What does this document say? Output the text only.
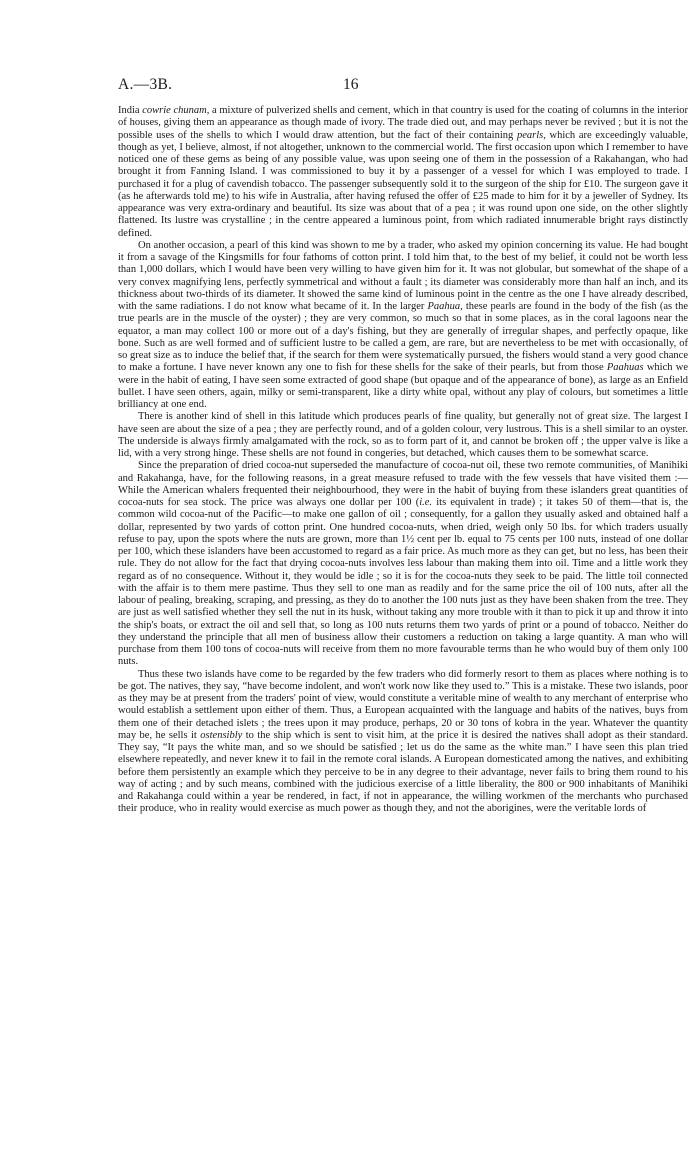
A.—3B.	16

India cowrie chunam, a mixture of pulverized shells and cement, which in that country is used for the coating of columns in the interior of houses, giving them an appearance as though made of ivory. The trade died out, and may perhaps never be revived ; but it is not the possible uses of the shells to which I would draw attention, but the fact of their containing pearls, which are exceedingly valuable, though as yet, I believe, almost, if not altogether, unknown to the commercial world. The first occasion upon which I remember to have noticed one of these gems as being of any possible value, was upon seeing one of them in the possession of a Rakahangan, who had brought it from Fanning Island. I was commissioned to buy it by a passenger of a vessel for which I was employed to trade. I purchased it for a plug of cavendish tobacco. The passenger subsequently sold it to the surgeon of the ship for £10. The surgeon gave it (as he afterwards told me) to his wife in Australia, after having refused the offer of £25 made to him for it by a jeweller of Sydney. Its appearance was very extra-ordinary and beautiful. Its size was about that of a pea ; it was round upon one side, on the other slightly flattened. Its lustre was crystalline ; in the centre appeared a luminous point, from which radiated innumerable bright rays distinctly defined.

On another occasion, a pearl of this kind was shown to me by a trader, who asked my opinion concerning its value. He had bought it from a savage of the Kingsmills for four fathoms of cotton print. I told him that, to the best of my belief, it could not be worth less than 1,000 dollars, which I would have been very willing to have given him for it. It was not globular, but somewhat of the shape of a very convex magnifying lens, perfectly symmetrical and without a fault ; its diameter was considerably more than half an inch, and its thickness about two-thirds of its diameter. It showed the same kind of luminous point in the centre as the one I have already described, with the same radiations. I do not know what became of it. In the larger Paahua, these pearls are found in the body of the fish (as the true pearls are in the muscle of the oyster) ; they are very common, so much so that in some places, as in the coral lagoons near the equator, a man may collect 100 or more out of a day's fishing, but they are generally of irregular shapes, and perfectly opaque, like bone. Such as are well formed and of sufficient lustre to be called a gem, are rare, but are nevertheless to be met with occasionally, of so great size as to induce the belief that, if the search for them were systematically pursued, the fishers would stand a very good chance to make a fortune. I have never known any one to fish for these shells for the sake of their pearls, but from those Paahuas which we were in the habit of eating, I have seen some extracted of good shape (but opaque and of the appearance of bone), as large as an Enfield bullet. I have seen others, again, milky or semi-transparent, like a dirty white opal, without any play of colours, but sometimes a little brilliancy at one end.

There is another kind of shell in this latitude which produces pearls of fine quality, but generally not of great size. The largest I have seen are about the size of a pea ; they are perfectly round, and of a golden colour, very lustrous. This is a shell similar to an oyster. The underside is always firmly amalgamated with the rock, so as to form part of it, and cannot be broken off ; the upper valve is like a lid, with a very strong hinge. These shells are not found in congeries, but detached, which causes them to be somewhat scarce.

Since the preparation of dried cocoa-nut superseded the manufacture of cocoa-nut oil, these two remote communities, of Manihiki and Rakahanga, have, for the following reasons, in a great measure refused to trade with the few vessels that have visited them :—While the American whalers frequented their neighbourhood, they were in the habit of buying from these islanders great quantities of cocoa-nuts for sea stock. The price was always one dollar per 100 (i.e. its equivalent in trade) ; it takes 50 of them—that is, the common wild cocoa-nut of the Pacific—to make one gallon of oil ; consequently, for a gallon they usually asked and obtained half a dollar, represented by two yards of cotton print. One hundred cocoa-nuts, when dried, weigh only 50 lbs. for which traders usually refuse to pay, upon the spots where the nuts are grown, more than 1½ cent per lb. equal to 75 cents per 100 nuts, instead of one dollar per 100, which these islanders have been accustomed to regard as a fair price. As much more as they can get, but no less, has been their rule. They do not allow for the fact that drying cocoa-nuts involves less labour than making them into oil. Time and a little work they regard as of no consequence. Without it, they would be idle ; so it is for the cocoa-nuts they seek to be paid. The little toil connected with the affair is to them mere pastime. Thus they sell to one man as readily and for the same price the oil of 100 nuts, after all the labour of pealing, breaking, scraping, and pressing, as they do to another the 100 nuts just as they have been shaken from the tree. They are just as well satisfied whether they sell the nut in its husk, without taking any more trouble with it than to pick it up and throw it into the ship's boats, or extract the oil and sell that, so long as 100 nuts returns them two yards of print or a pound of tobacco. Neither do they understand the principle that all men of business allow their customers a reduction on taking a large quantity. A man who will purchase from them 100 tons of cocoa-nuts will receive from them no more favourable terms than he who would buy of them only 100 nuts.

Thus these two islands have come to be regarded by the few traders who did formerly resort to them as places where nothing is to be got. The natives, they say, “have become indolent, and won't work now like they used to.” This is a mistake. These two islands, poor as they may be at present from the traders' point of view, would constitute a veritable mine of wealth to any merchant of enterprise who would establish a settlement upon either of them. Thus, a European acquainted with the language and habits of the natives, buys from them one of their detached islets ; the trees upon it may produce, perhaps, 20 or 30 tons of kobra in the year. Whatever the quantity may be, he sells it ostensibly to the ship which is sent to visit him, at the price it is desired the natives shall adopt as their standard. They say, “It pays the white man, and so we should be satisfied ; let us do the same as the white man.” I have seen this plan tried elsewhere repeatedly, and never knew it to fail in the remote coral islands. A European domesticated among the natives, and exhibiting before them persistently an example which they perceive to be in any degree to their advantage, never fails to bring them round to his way of acting ; and by such means, combined with the judicious exercise of a little liberality, the 800 or 900 inhabitants of Manihiki and Rakahanga could within a year be rendered, in fact, if not in appearance, the willing workmen of the merchants who purchased their produce, who in reality would exercise as much power as though they, and not the aborigines, were the veritable lords of
